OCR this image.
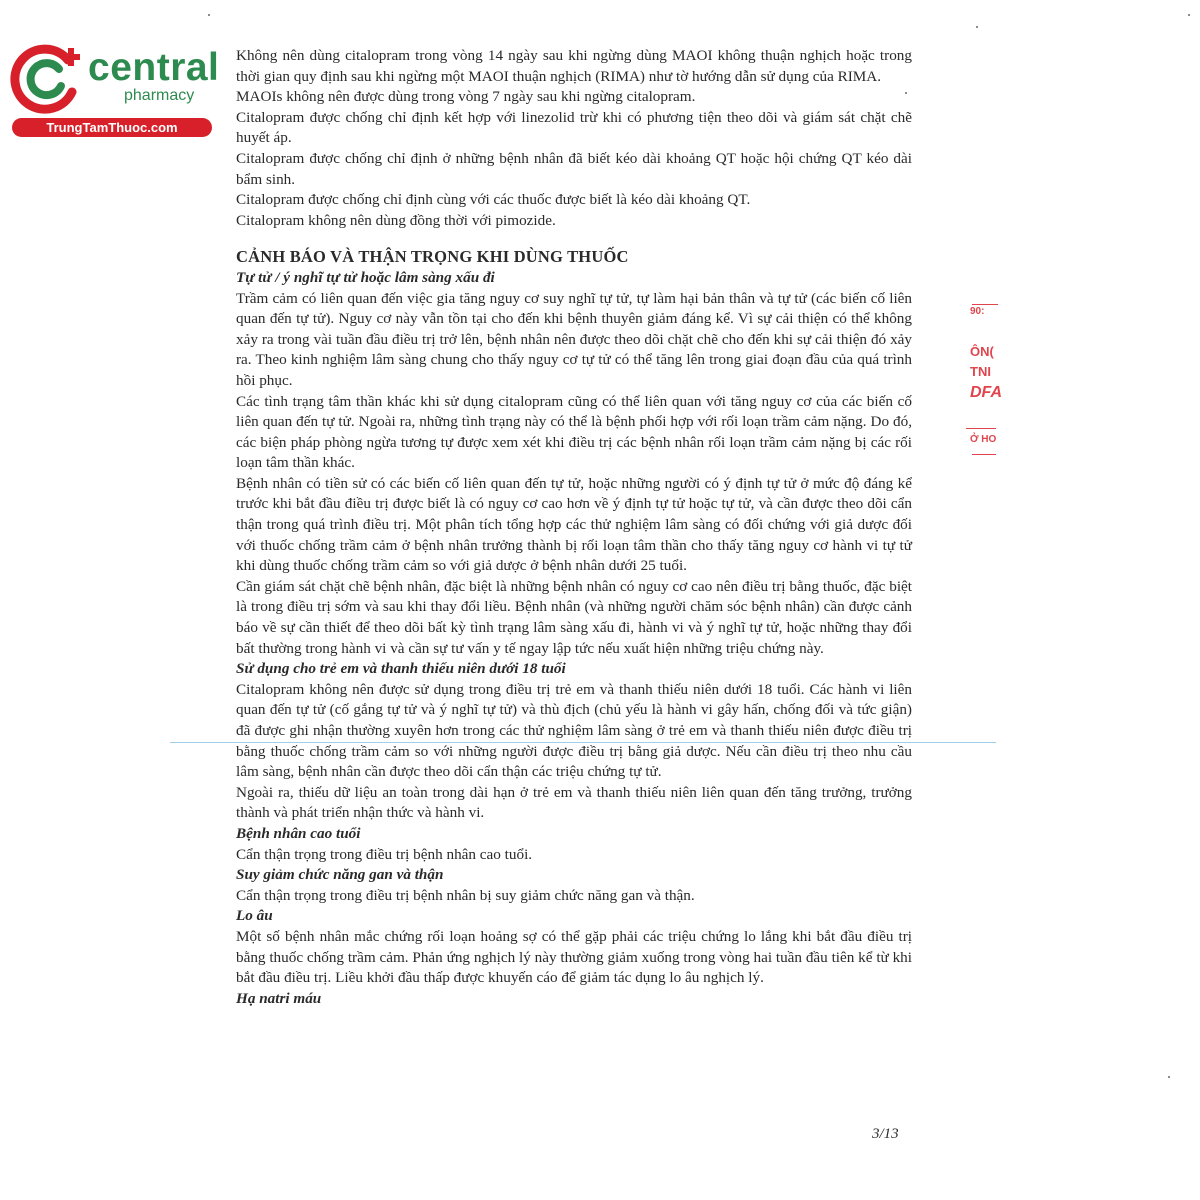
central
pharmacy
TrungTamThuoc.com

Không nên dùng citalopram trong vòng 14 ngày sau khi ngừng dùng MAOI không thuận nghịch hoặc trong thời gian quy định sau khi ngừng một MAOI thuận nghịch (RIMA) như tờ hướng dẫn sử dụng của RIMA.

MAOIs không nên được dùng trong vòng 7 ngày sau khi ngừng citalopram.

Citalopram được chống chỉ định kết hợp với linezolid trừ khi có phương tiện theo dõi và giám sát chặt chẽ huyết áp.

Citalopram được chống chỉ định ở những bệnh nhân đã biết kéo dài khoảng QT hoặc hội chứng QT kéo dài bẩm sinh.

Citalopram được chống chỉ định cùng với các thuốc được biết là kéo dài khoảng QT.

Citalopram không nên dùng đồng thời với pimozide.

CẢNH BÁO VÀ THẬN TRỌNG KHI DÙNG THUỐC

Tự tử / ý nghĩ tự tử hoặc lâm sàng xấu đi

Trầm cảm có liên quan đến việc gia tăng nguy cơ suy nghĩ tự tử, tự làm hại bản thân và tự tử (các biến cố liên quan đến tự tử). Nguy cơ này vẫn tồn tại cho đến khi bệnh thuyên giảm đáng kể. Vì sự cải thiện có thể không xảy ra trong vài tuần đầu điều trị trở lên, bệnh nhân nên được theo dõi chặt chẽ cho đến khi sự cải thiện đó xảy ra. Theo kinh nghiệm lâm sàng chung cho thấy nguy cơ tự tử có thể tăng lên trong giai đoạn đầu của quá trình hồi phục.

Các tình trạng tâm thần khác khi sử dụng citalopram cũng có thể liên quan với tăng nguy cơ của các biến cố liên quan đến tự tử. Ngoài ra, những tình trạng này có thể là bệnh phối hợp với rối loạn trầm cảm nặng. Do đó, các biện pháp phòng ngừa tương tự được xem xét khi điều trị các bệnh nhân rối loạn trầm cảm nặng bị các rối loạn tâm thần khác.

Bệnh nhân có tiền sử có các biến cố liên quan đến tự tử, hoặc những người có ý định tự tử ở mức độ đáng kể trước khi bắt đầu điều trị được biết là có nguy cơ cao hơn về ý định tự tử hoặc tự tử, và cần được theo dõi cẩn thận trong quá trình điều trị. Một phân tích tổng hợp các thử nghiệm lâm sàng có đối chứng với giả dược đối với thuốc chống trầm cảm ở bệnh nhân trưởng thành bị rối loạn tâm thần cho thấy tăng nguy cơ hành vi tự tử khi dùng thuốc chống trầm cảm so với giả dược ở bệnh nhân dưới 25 tuổi.

Cần giám sát chặt chẽ bệnh nhân, đặc biệt là những bệnh nhân có nguy cơ cao nên điều trị bằng thuốc, đặc biệt là trong điều trị sớm và sau khi thay đổi liều. Bệnh nhân (và những người chăm sóc bệnh nhân) cần được cảnh báo về sự cần thiết để theo dõi bất kỳ tình trạng lâm sàng xấu đi, hành vi và ý nghĩ tự tử, hoặc những thay đổi bất thường trong hành vi và cần sự tư vấn y tế ngay lập tức nếu xuất hiện những triệu chứng này.

Sử dụng cho trẻ em và thanh thiếu niên dưới 18 tuổi

Citalopram không nên được sử dụng trong điều trị trẻ em và thanh thiếu niên dưới 18 tuổi. Các hành vi liên quan đến tự tử (cố gắng tự tử và ý nghĩ tự tử) và thù địch (chủ yếu là hành vi gây hấn, chống đối và tức giận) đã được ghi nhận thường xuyên hơn trong các thử nghiệm lâm sàng ở trẻ em và thanh thiếu niên được điều trị bằng thuốc chống trầm cảm so với những người được điều trị bằng giả dược. Nếu cần điều trị theo nhu cầu lâm sàng, bệnh nhân cần được theo dõi cẩn thận các triệu chứng tự tử.

Ngoài ra, thiếu dữ liệu an toàn trong dài hạn ở trẻ em và thanh thiếu niên liên quan đến tăng trưởng, trưởng thành và phát triển nhận thức và hành vi.

Bệnh nhân cao tuổi

Cẩn thận trọng trong điều trị bệnh nhân cao tuổi.

Suy giảm chức năng gan và thận

Cẩn thận trọng trong điều trị bệnh nhân bị suy giảm chức năng gan và thận.

Lo âu

Một số bệnh nhân mắc chứng rối loạn hoảng sợ có thể gặp phải các triệu chứng lo lắng khi bắt đầu điều trị bằng thuốc chống trầm cảm. Phản ứng nghịch lý này thường giảm xuống trong vòng hai tuần đầu tiên kể từ khi bắt đầu điều trị. Liều khởi đầu thấp được khuyến cáo để giảm tác dụng lo âu nghịch lý.

Hạ natri máu

90:
ÔN(
TNI
DFA
Ở HO
3/13
